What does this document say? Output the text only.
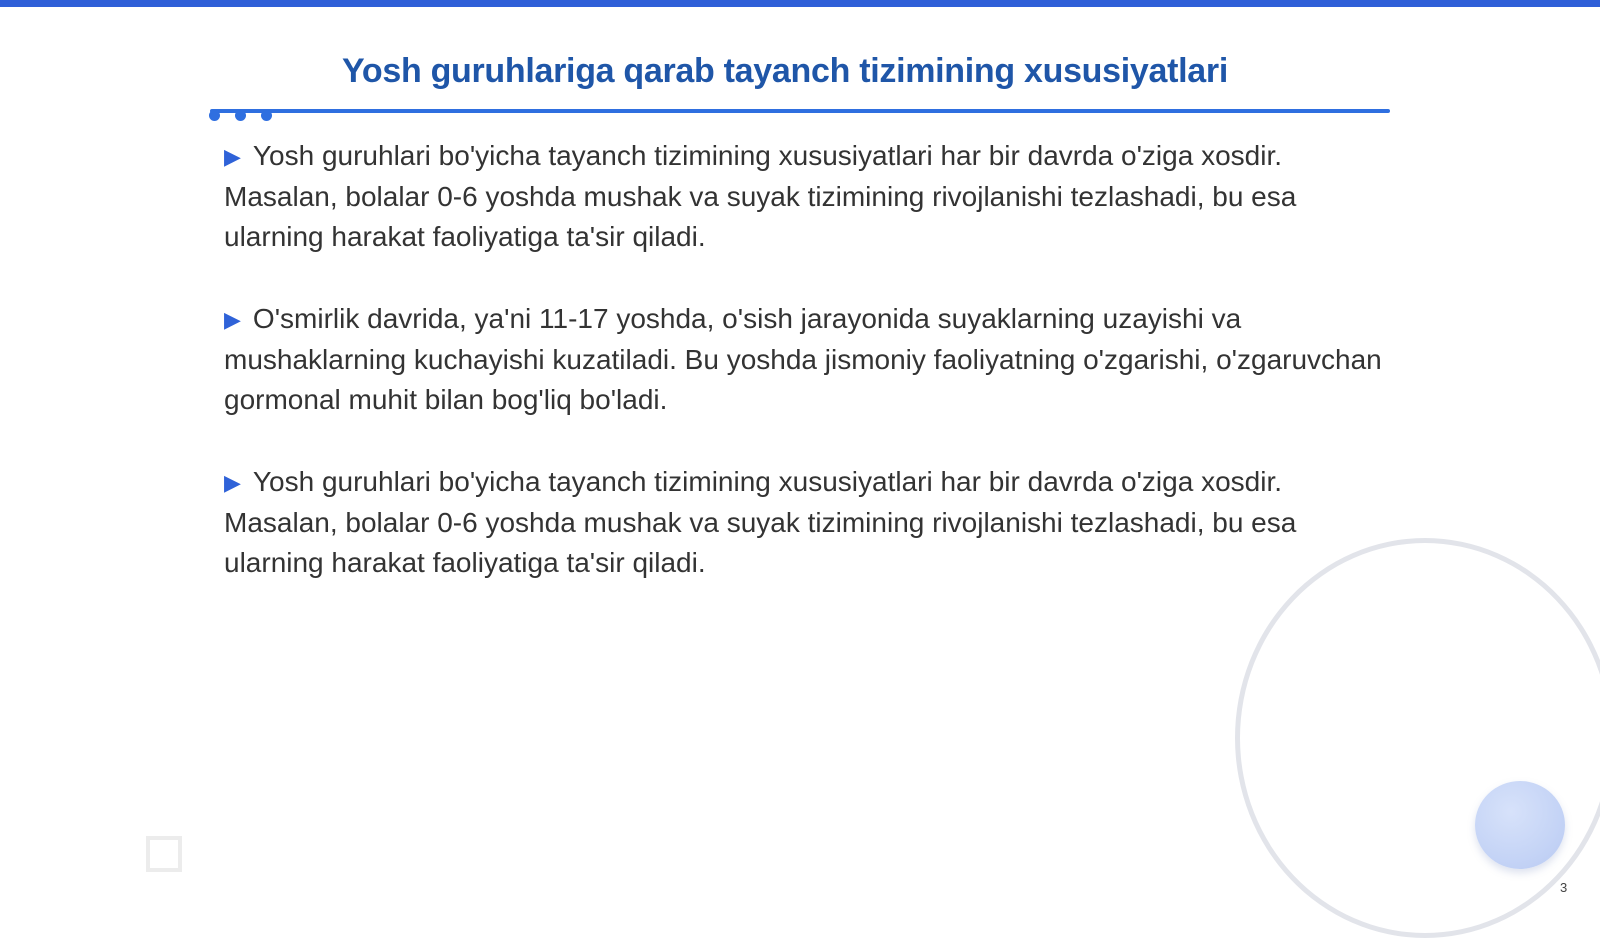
Yosh guruhlariga qarab tayanch tizimining xususiyatlari

▶ Yosh guruhlari bo'yicha tayanch tizimining xususiyatlari har bir davrda o'ziga xosdir. Masalan, bolalar 0-6 yoshda mushak va suyak tizimining rivojlanishi tezlashadi, bu esa ularning harakat faoliyatiga ta'sir qiladi.

▶ O'smirlik davrida, ya'ni 11-17 yoshda, o'sish jarayonida suyaklarning uzayishi va mushaklarning kuchayishi kuzatiladi. Bu yoshda jismoniy faoliyatning o'zgarishi, o'zgaruvchan gormonal muhit bilan bog'liq bo'ladi.

▶ Yosh guruhlari bo'yicha tayanch tizimining xususiyatlari har bir davrda o'ziga xosdir. Masalan, bolalar 0-6 yoshda mushak va suyak tizimining rivojlanishi tezlashadi, bu esa ularning harakat faoliyatiga ta'sir qiladi.

3
